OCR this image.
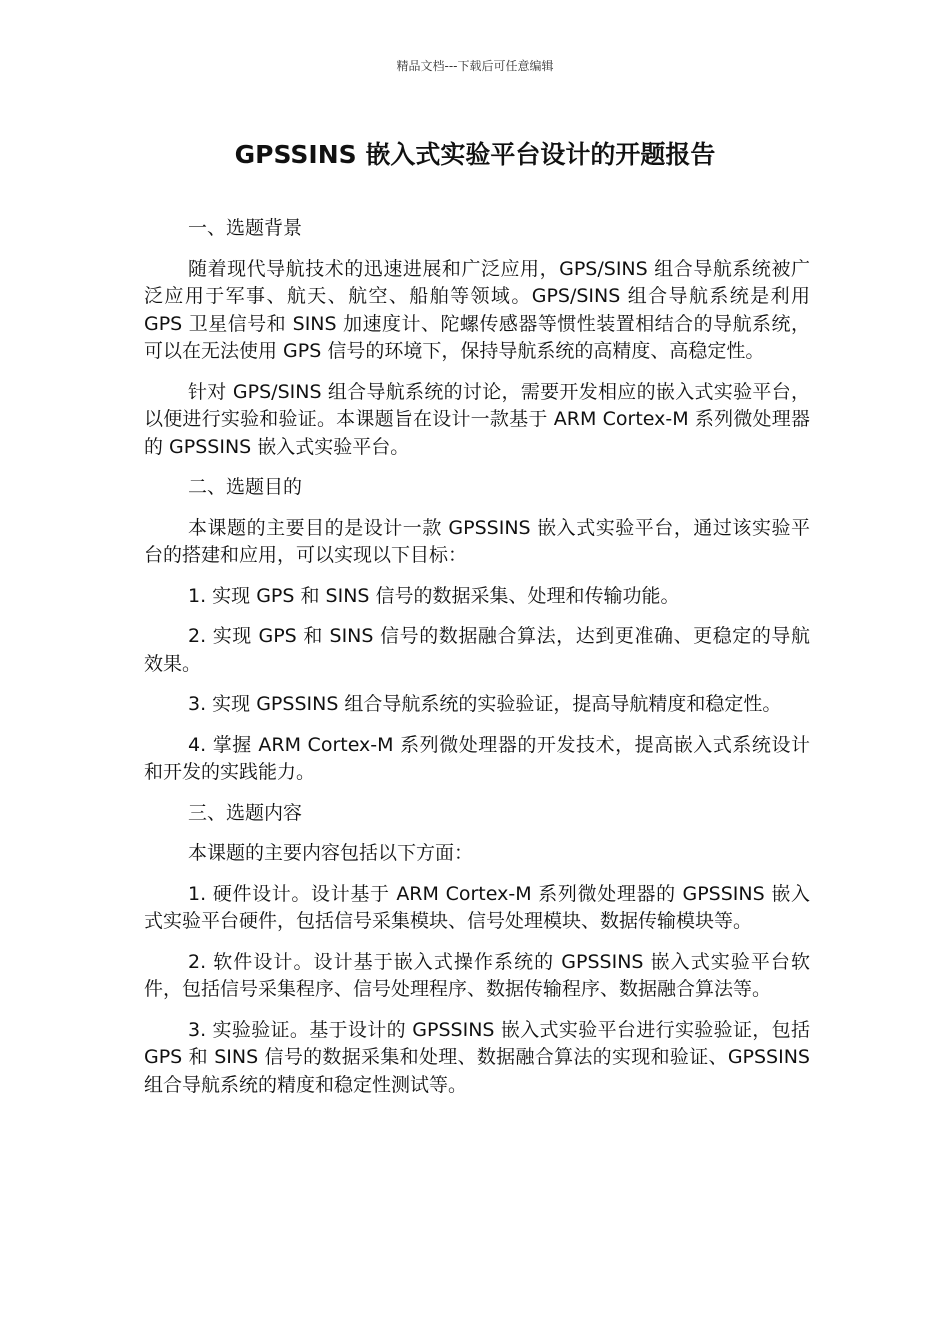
精品文档---下载后可任意编辑
GPSSINS 嵌入式实验平台设计的开题报告

一、选题背景

随着现代导航技术的迅速进展和广泛应用，GPS/SINS 组合导航系统被广泛应用于军事、航天、航空、船舶等领域。GPS/SINS 组合导航系统是利用 GPS 卫星信号和 SINS 加速度计、陀螺传感器等惯性装置相结合的导航系统，可以在无法使用 GPS 信号的环境下，保持导航系统的高精度、高稳定性。

针对 GPS/SINS 组合导航系统的讨论，需要开发相应的嵌入式实验平台，以便进行实验和验证。本课题旨在设计一款基于 ARM Cortex-M 系列微处理器的 GPSSINS 嵌入式实验平台。

二、选题目的

本课题的主要目的是设计一款 GPSSINS 嵌入式实验平台，通过该实验平台的搭建和应用，可以实现以下目标：

1. 实现 GPS 和 SINS 信号的数据采集、处理和传输功能。

2. 实现 GPS 和 SINS 信号的数据融合算法，达到更准确、更稳定的导航效果。

3. 实现 GPSSINS 组合导航系统的实验验证，提高导航精度和稳定性。

4. 掌握 ARM Cortex-M 系列微处理器的开发技术，提高嵌入式系统设计和开发的实践能力。

三、选题内容

本课题的主要内容包括以下方面：

1. 硬件设计。设计基于 ARM Cortex-M 系列微处理器的 GPSSINS 嵌入式实验平台硬件，包括信号采集模块、信号处理模块、数据传输模块等。

2. 软件设计。设计基于嵌入式操作系统的 GPSSINS 嵌入式实验平台软件，包括信号采集程序、信号处理程序、数据传输程序、数据融合算法等。

3. 实验验证。基于设计的 GPSSINS 嵌入式实验平台进行实验验证，包括 GPS 和 SINS 信号的数据采集和处理、数据融合算法的实现和验证、GPSSINS 组合导航系统的精度和稳定性测试等。
